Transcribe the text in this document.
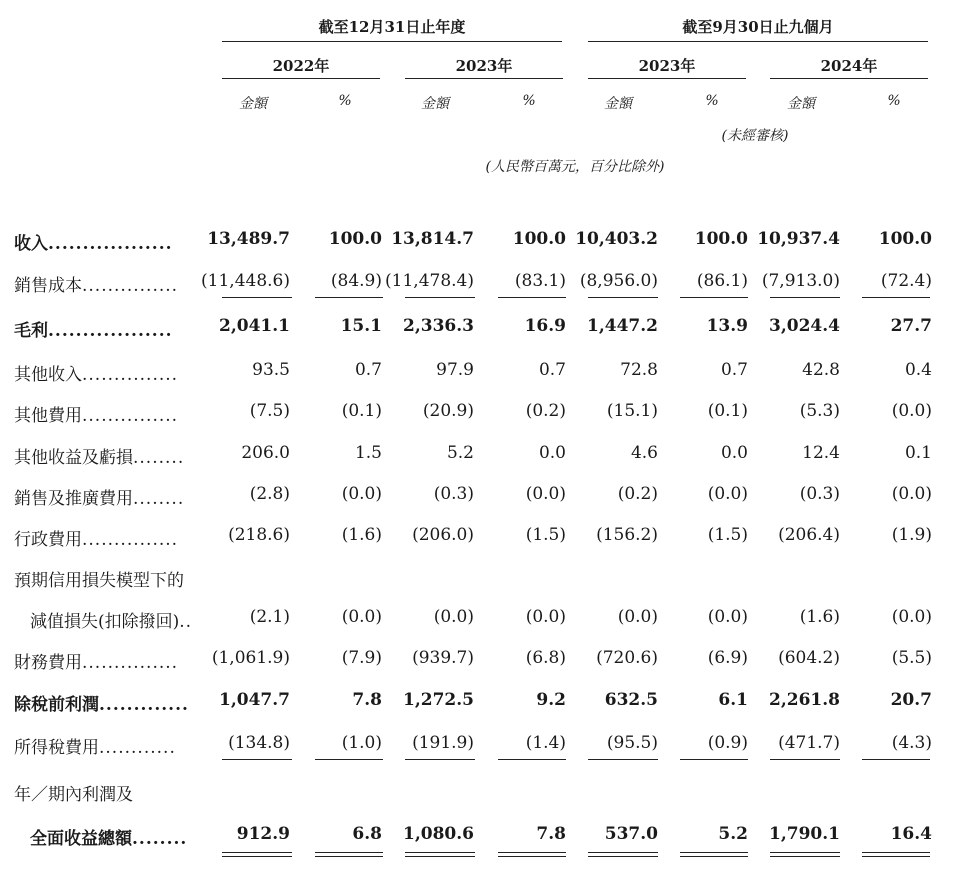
截至12月31日止年度	截至9月30日止九個月
2022年	2023年	2023年	2024年
金額	%	金額	%	金額	%	金額	%
(未經審核)
(人民幣百萬元，百分比除外)
收入..................	13,489.7	100.0 13,814.7	100.0 10,403.2	100.0 10,937.4	100.0
銷售成本...............	(11,448.6)	(84.9) (11,478.4)	(83.1) (8,956.0)	(86.1) (7,913.0)	(72.4)
毛利..................	2,041.1	15.1	2,336.3	16.9	1,447.2	13.9	3,024.4	27.7
其他收入...............	93.5	0.7	97.9	0.7	72.8	0.7	42.8	0.4
其他費用...............	(7.5)	(0.1)	(20.9)	(0.2)	(15.1)	(0.1)	(5.3)	(0.0)
其他收益及虧損........	206.0	1.5	5.2	0.0	4.6	0.0	12.4	0.1
銷售及推廣費用........	(2.8)	(0.0)	(0.3)	(0.0)	(0.2)	(0.0)	(0.3)	(0.0)
行政費用...............	(218.6)	(1.6)	(206.0)	(1.5)	(156.2)	(1.5)	(206.4)	(1.9)
預期信用損失模型下的
減值損失(扣除撥回)..	(2.1)	(0.0)	(0.0)	(0.0)	(0.0)	(0.0)	(1.6)	(0.0)
財務費用...............	(1,061.9)	(7.9)	(939.7)	(6.8)	(720.6)	(6.9)	(604.2)	(5.5)
除稅前利潤.............	1,047.7	7.8	1,272.5	9.2	632.5	6.1	2,261.8	20.7
所得稅費用............	(134.8)	(1.0)	(191.9)	(1.4)	(95.5)	(0.9)	(471.7)	(4.3)
年／期內利潤及
全面收益總額........	912.9	6.8	1,080.6	7.8	537.0	5.2	1,790.1	16.4
